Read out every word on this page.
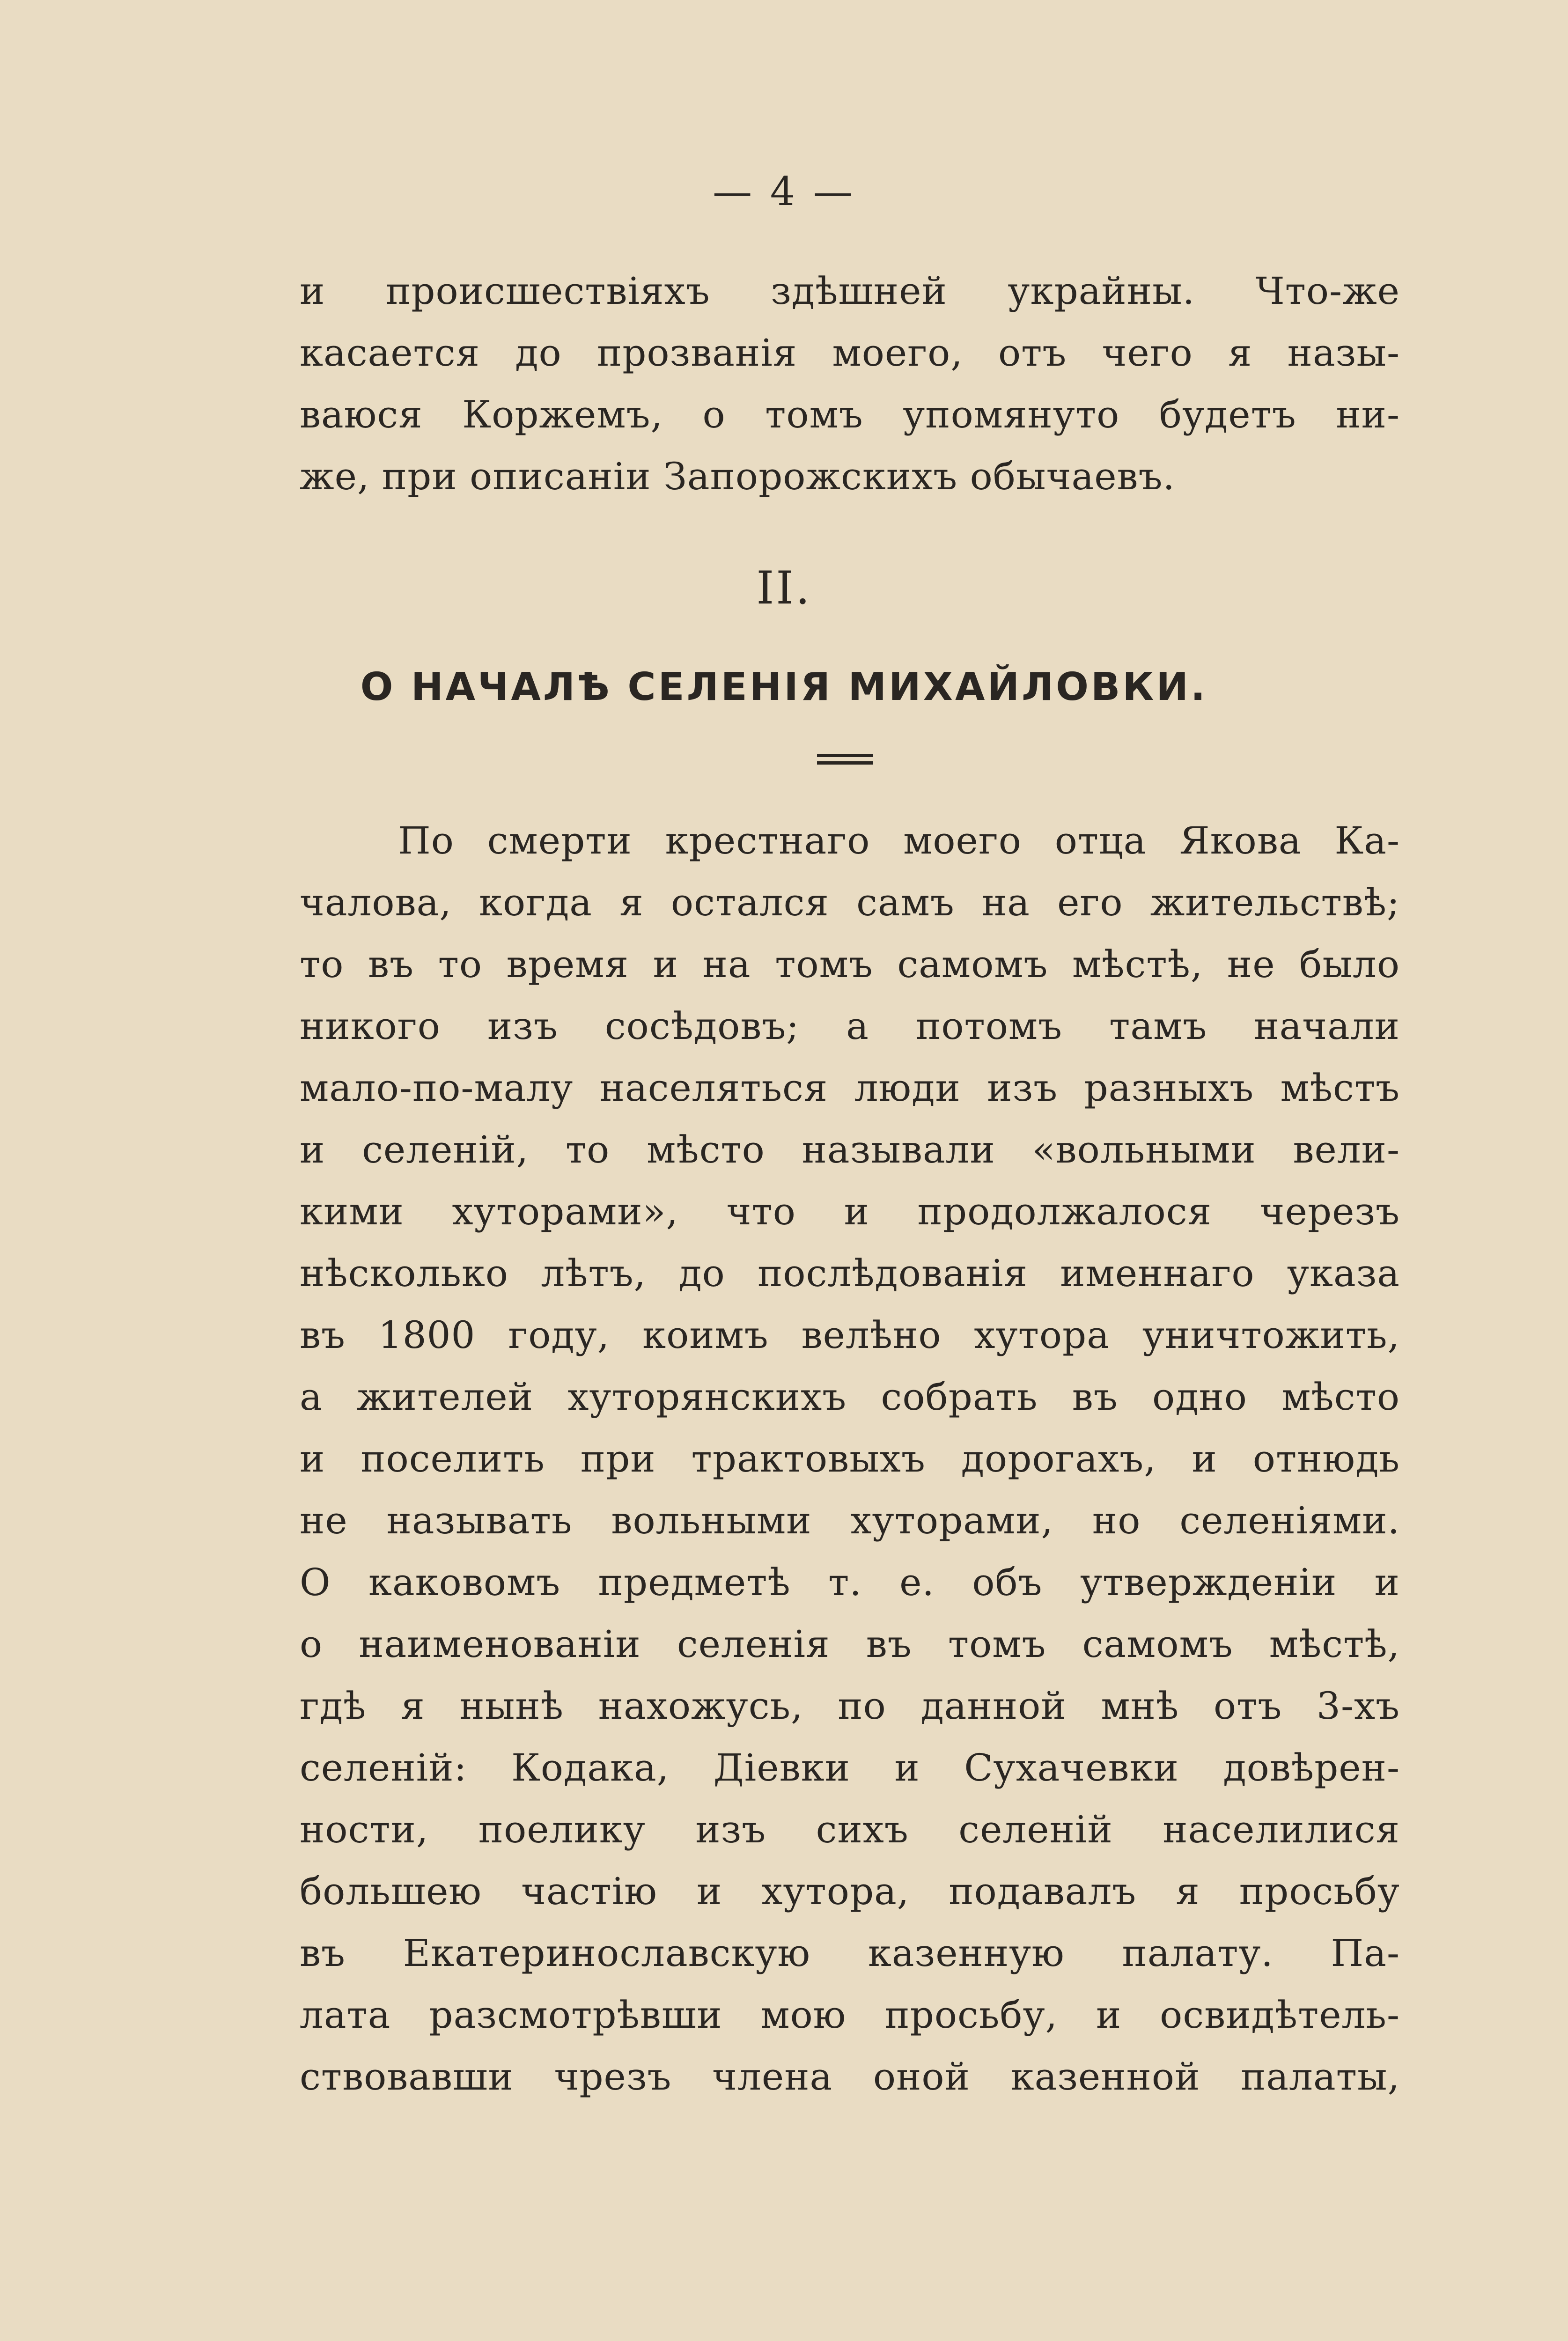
— 4 —
и происшествіяхъ здѣшней украйны. Что-же
касается до прозванія моего, отъ чего я назы-
ваюся Коржемъ, о томъ упомянуто будетъ ни-
же, при описаніи Запорожскихъ обычаевъ.
II.
О НАЧАЛѢ СЕЛЕНІЯ МИХАЙЛОВКИ.
По смерти крестнаго моего отца Якова Ка-
чалова, когда я остался самъ на его жительствѣ;
то въ то время и на томъ самомъ мѣстѣ, не было
никого изъ сосѣдовъ; а потомъ тамъ начали
мало-по-малу населяться люди изъ разныхъ мѣстъ
и селеній, то мѣсто называли «вольными вели-
кими хуторами», что и продолжалося черезъ
нѣсколько лѣтъ, до послѣдованія именнаго указа
въ 1800 году, коимъ велѣно хутора уничтожить,
а жителей хуторянскихъ собрать въ одно мѣсто
и поселить при трактовыхъ дорогахъ, и отнюдь
не называть вольными хуторами, но селеніями.
О каковомъ предметѣ т. е. объ утвержденіи и
о наименованіи селенія въ томъ самомъ мѣстѣ,
гдѣ я нынѣ нахожусь, по данной мнѣ отъ 3-хъ
селеній: Кодака, Діевки и Сухачевки довѣрен-
ности, поелику изъ сихъ селеній населилися
большею частію и хутора, подавалъ я просьбу
въ Екатеринославскую казенную палату. Па-
лата разсмотрѣвши мою просьбу, и освидѣтель-
ствовавши чрезъ члена оной казенной палаты,
